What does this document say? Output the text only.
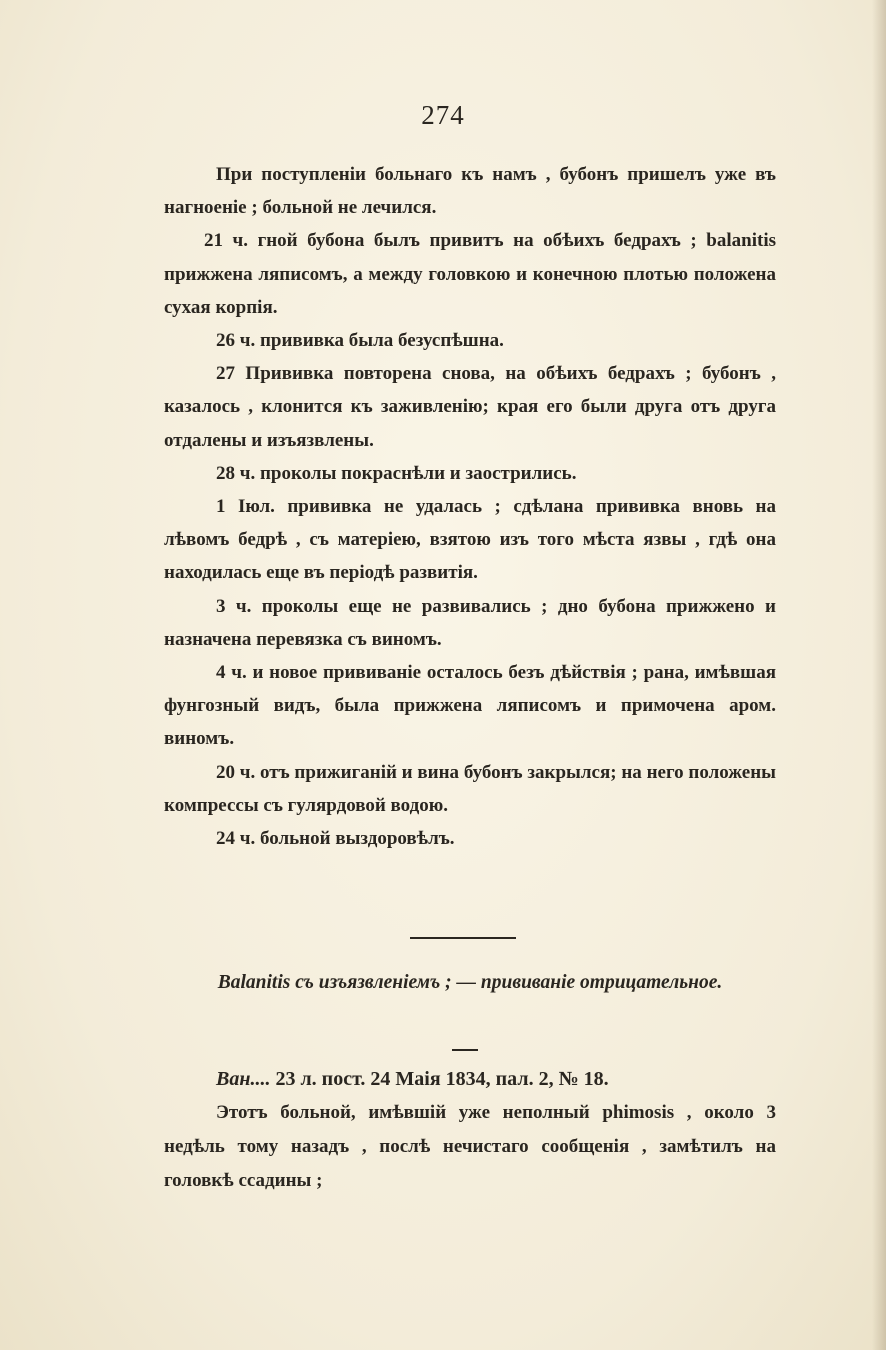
274

При поступленіи больнаго къ намъ , бубонъ пришелъ уже въ нагноеніе ; больной не лечился.

21 ч. гной бубона былъ привитъ на обѣихъ бедрахъ ; balanitis прижжена ляписомъ, а между головкою и конечною плотью положена сухая корпія.

26 ч. прививка была безуспѣшна.

27 Прививка повторена снова, на обѣихъ бедрахъ ; бубонъ , казалось , клонится къ заживленію; края его были друга отъ друга отдалены и изъязвлены.

28 ч. проколы покраснѣли и заострились.

1 Іюл. прививка не удалась ; сдѣлана прививка вновь на лѣвомъ бедрѣ , съ матеріею, взятою изъ того мѣста язвы , гдѣ она находилась еще въ періодѣ развитія.

3 ч. проколы еще не развивались ; дно бубона прижжено и назначена перевязка съ виномъ.

4 ч. и новое прививаніе осталось безъ дѣйствія ; рана, имѣвшая фунгозный видъ, была прижжена ляписомъ и примочена аром. виномъ.

20 ч. отъ прижиганій и вина бубонъ закрылся; на него положены компрессы съ гулярдовой водою.

24 ч. больной выздоровѣлъ.

Balanitis съ изъязвленіемъ ; — прививаніе отрицательное.

Ван.... 23 л. пост. 24 Маія 1834, пал. 2, № 18.

Этотъ больной, имѣвшій уже неполный phimosis , около 3 недѣль тому назадъ , послѣ нечистаго сообщенія , замѣтилъ на головкѣ ссадины ;
